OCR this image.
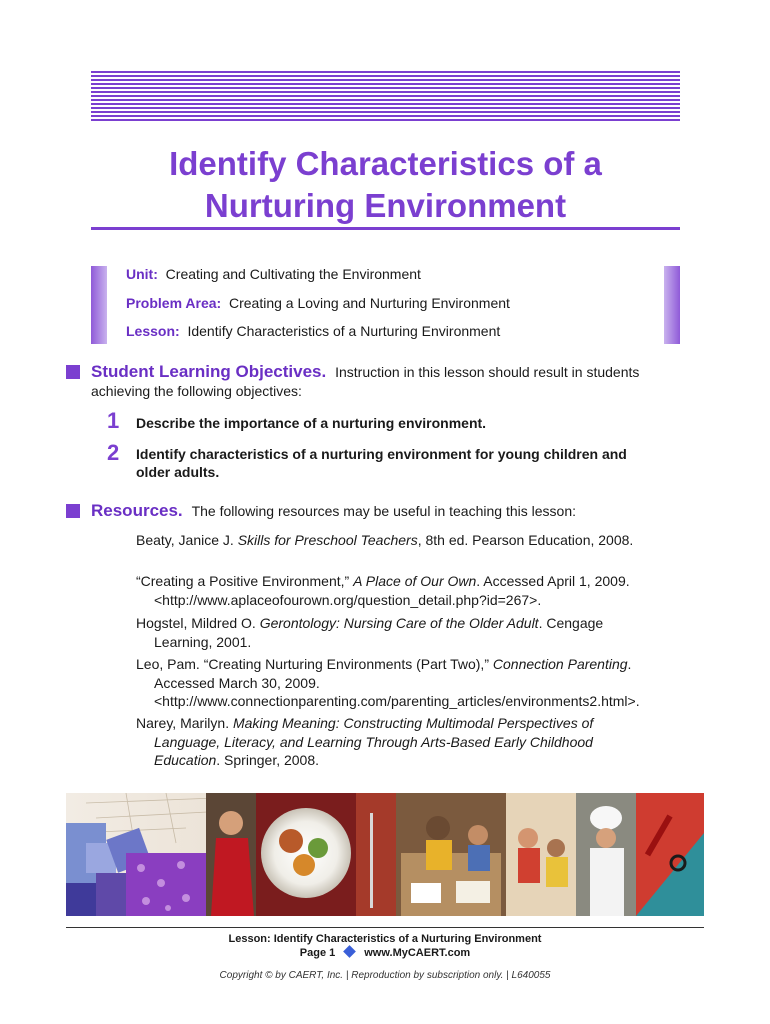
Identify Characteristics of a
Nurturing Environment
Unit: Creating and Cultivating the Environment
Problem Area: Creating a Loving and Nurturing Environment
Lesson: Identify Characteristics of a Nurturing Environment
Student Learning Objectives. Instruction in this lesson should result in students
achieving the following objectives:
1 Describe the importance of a nurturing environment.
2 Identify characteristics of a nurturing environment for young children and
older adults.
Resources. The following resources may be useful in teaching this lesson:
Beaty, Janice J. Skills for Preschool Teachers, 8th ed. Pearson Education, 2008.
“Creating a Positive Environment,” A Place of Our Own. Accessed April 1, 2009. <http://www.aplaceofourown.org/question_detail.php?id=267>.
Hogstel, Mildred O. Gerontology: Nursing Care of the Older Adult. Cengage Learning, 2001.
Leo, Pam. “Creating Nurturing Environments (Part Two),” Connection Parenting. Accessed March 30, 2009. <http://www.connectionparenting.com/parenting_articles/environments2.html>.
Narey, Marilyn. Making Meaning: Constructing Multimodal Perspectives of Language, Literacy, and Learning Through Arts-Based Early Childhood Education. Springer, 2008.
Lesson: Identify Characteristics of a Nurturing Environment
Page 1	www.MyCAERT.com
Copyright © by CAERT, Inc. | Reproduction by subscription only. | L640055
